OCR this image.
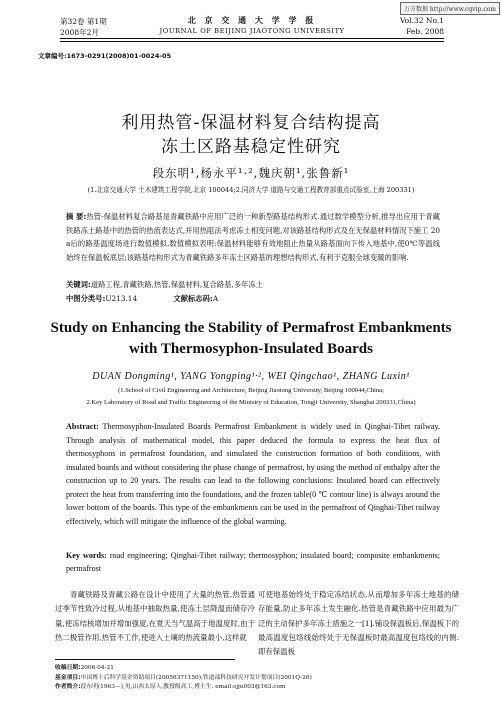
万方数据 http://www.cqvip.com
第32卷 第1期
2008年2月
北 京 交 通 大 学 学 报
JOURNAL OF BEIJING JIAOTONG UNIVERSITY
Vol.32 No.1
Feb. 2008
文章编号:1673-0291(2008)01-0024-05
利用热管-保温材料复合结构提高
冻土区路基稳定性研究
段东明¹,杨永平¹·²,魏庆朝¹,张鲁新¹
(1.北京交通大学 土木建筑工程学院,北京 100044;2.同济大学 道路与交通工程教育部重点试验室,上海 200331)
摘 要:热管-保温材料复合路基是青藏铁路中应用广泛的一种新型路基结构形式.通过数学模型分析,推导出应用于青藏铁路冻土路基中的热管的热流表达式,并用热阻法考虑冻土相变问题,对该路基结构形式及在无保温材料情况下施工 20 a后的路基温度场进行数值模拟.数值模拟表明:保温材料能够有效地阻止热量从路基面向下传入地基中,使0℃等温线始终在保温板底层;该路基结构形式为青藏铁路多年冻土区路基的理想结构形式,有利于克服全球变暖的影响.
关键词:道路工程,青藏铁路,热管,保温材料,复合路基,多年冻土
中图分类号:U213.14	文献标志码:A
Study on Enhancing the Stability of Permafrost Embankments
with Thermosyphon-Insulated Boards
DUAN Dongming¹, YANG Yongping¹·², WEI Qingchao¹, ZHANG Luxin¹
(1.School of Civil Engineering and Architecture, Beijing Jiaotong University, Beijing 100044,China;
2.Key Laboratory of Road and Traffic Engineering of the Ministry of Education, Tongji University, Shanghai 200331,China)
Abstract: Thermosyphon-Insulated Boards Permafrost Embankment is widely used in Qinghai-Tibet railway. Through analysis of mathematical model, this paper deduced the formula to express the heat flux of thermosyphons in permafrost foundation, and simulated the construction formation of both conditions, with insulated boards and without considering the phase change of permafrost, by using the method of enthalpy after the construction up to 20 years. The results can lead to the following conclusions: Insulated board can effectively protect the heat from transferring into the foundations, and the frozen table(0 ℃ contour line) is always around the lower bottom of the boards. This type of the embankments can be used in the permafrost of Qinghai-Tibet railway effectively, which will mitigate the influence of the global warming.
Key words: road engineering; Qinghai-Tibet railway; thermosyphon; insulated board; composite embankments; permafrost
青藏铁路及青藏公路在设计中使用了大量的热管,热管通过季节性致冷过程,从地基中抽取热量,使冻土层降温而储存冷量,使冻结核增加并增加强度.在夏天当气温高于地温度时,由于热二极管作用,热管不工作,使进入土壤的热流量最小,这样就
可使地基始终处于稳定冻结状态,从而增加多年冻土地基的储存能量,防止多年冻土发生融化.热管是青藏铁路中应用最为广泛的主动保护多年冻土措施之一[1].铺设保温板后,保温板下的最高温度包络线始终处于无保温板时最高温度包络线的内侧.即有保温板
收稿日期:2006-04-21
基金项目:中国博士后科学基金资助项目(20050371150);铁道部科技研究开发计划项目(2001Q-26)
作者简介:段东明(1963—),男,山西太原人,教授级高工,博士生. email:sjju003@163.com
